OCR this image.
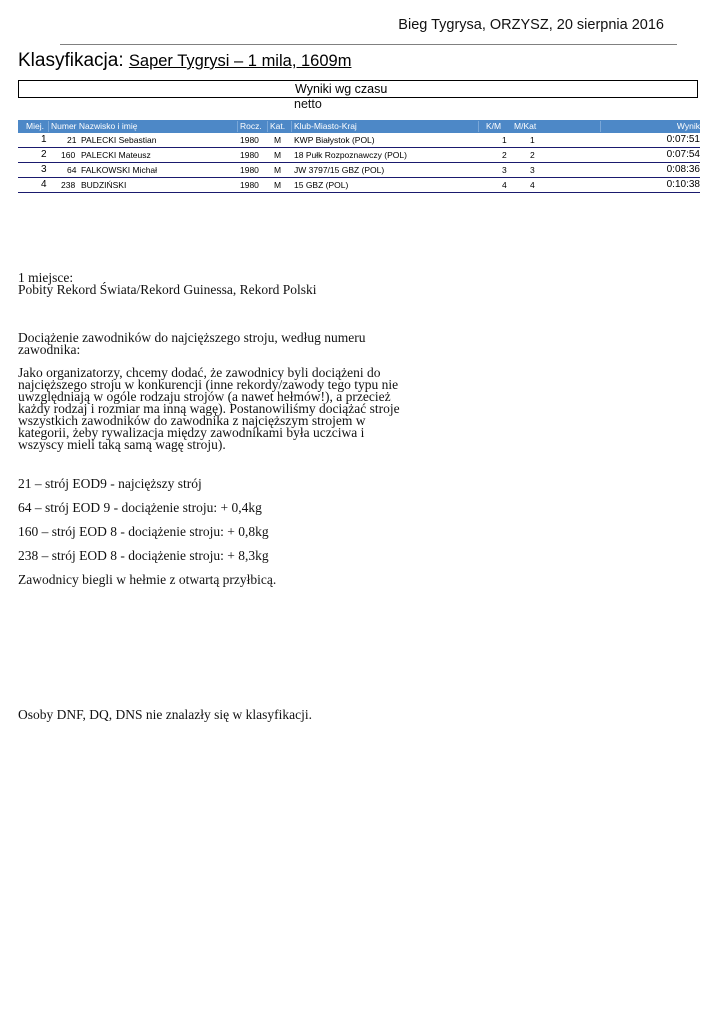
Bieg Tygrysa, ORZYSZ, 20 sierpnia 2016
Klasyfikacja: Saper Tygrysi – 1 mila, 1609m
Wyniki wg czasu
netto
Miej. Numer Nazwisko i imię	Rocz. Kat. Klub-Miasto-Kraj	K/M M/Kat	Wynik
1 21 PALECKI Sebastian	1980 M KWP Białystok (POL)	1	1	0:07:51
2 160 PALECKI Mateusz	1980 M 18 Pułk Rozpoznawczy (POL)	2	2	0:07:54
3 64 FALKOWSKI Michał	1980 M JW 3797/15 GBZ (POL)	3	3	0:08:36
4 238 BUDZIŃSKI	1980 M 15 GBZ (POL)	4	4	0:10:38
1 miejsce:
Pobity Rekord Świata/Rekord Guinessa, Rekord Polski
Dociążenie zawodników do najcięższego stroju, według numeru zawodnika:
Jako organizatorzy, chcemy dodać, że zawodnicy byli dociążeni do najcięższego stroju w konkurencji (inne rekordy/zawody tego typu nie uwzględniają w ogóle rodzaju strojów (a nawet hełmów!), a przecież każdy rodzaj i rozmiar ma inną wagę). Postanowiliśmy dociążać stroje wszystkich zawodników do zawodnika z najcięższym strojem w kategorii, żeby rywalizacja między zawodnikami była uczciwa i wszyscy mieli taką samą wagę stroju).
21 – strój EOD9 - najcięższy strój
64 – strój EOD 9 - dociążenie stroju: + 0,4kg
160 – strój EOD 8 - dociążenie stroju: + 0,8kg
238 – strój EOD 8 - dociążenie stroju: + 8,3kg
Zawodnicy biegli w hełmie z otwartą przyłbicą.
Osoby DNF, DQ, DNS nie znalazły się w klasyfikacji.
